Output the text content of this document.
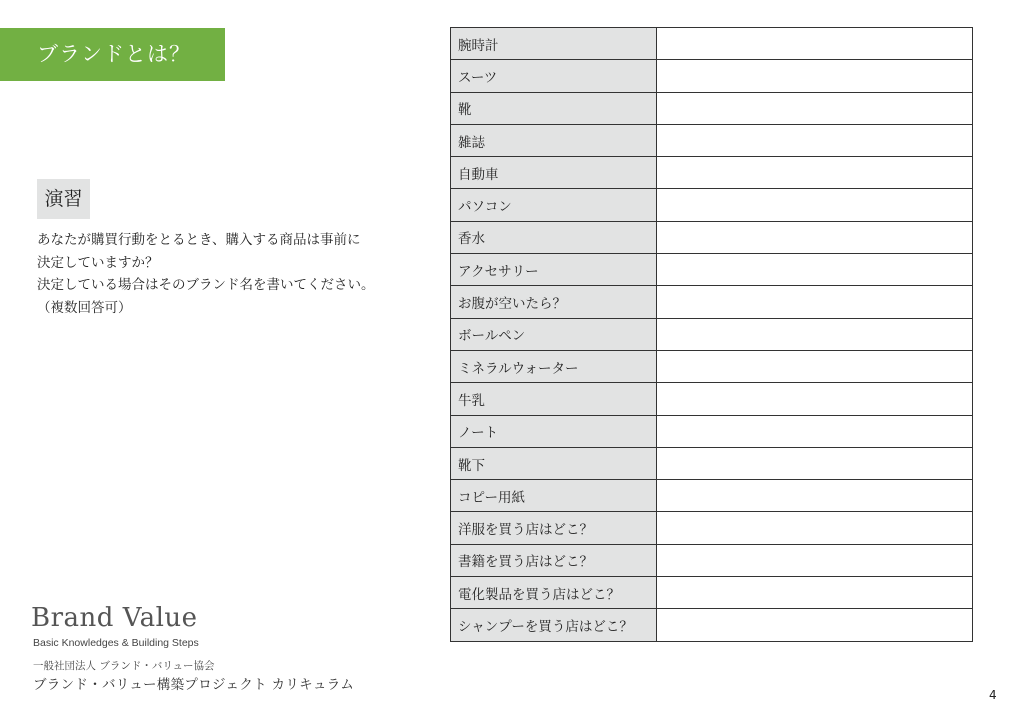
ブランドとは？
演習
あなたが購買行動をとるとき、購入する商品は事前に
決定していますか？
決定している場合はそのブランド名を書いてください。
（複数回答可）
Brand Value
Basic Knowledges & Building Steps
一般社団法人 ブランド・バリュー協会
ブランド・バリュー構築プロジェクト カリキュラム
4
腕時計	
スーツ	
靴	
雑誌	
自動車	
パソコン	
香水	
アクセサリー	
お腹が空いたら？	
ボールペン	
ミネラルウォーター	
牛乳	
ノート	
靴下	
コピー用紙	
洋服を買う店はどこ？	
書籍を買う店はどこ？	
電化製品を買う店はどこ？	
シャンプーを買う店はどこ？	
